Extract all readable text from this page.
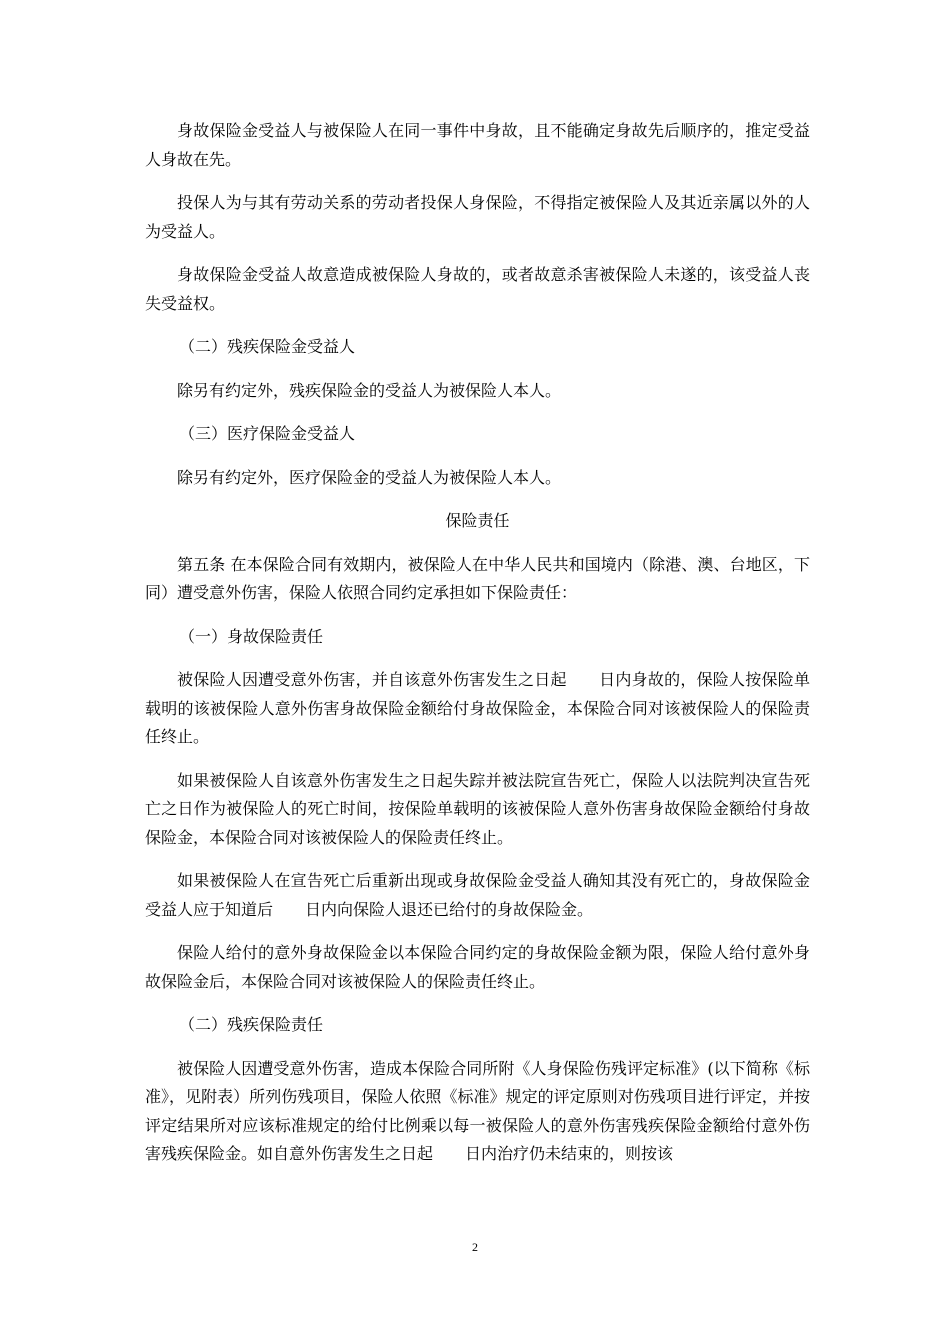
身故保险金受益人与被保险人在同一事件中身故，且不能确定身故先后顺序的，推定受益人身故在先。

投保人为与其有劳动关系的劳动者投保人身保险，不得指定被保险人及其近亲属以外的人为受益人。

身故保险金受益人故意造成被保险人身故的，或者故意杀害被保险人未遂的，该受益人丧失受益权。

（二）残疾保险金受益人

除另有约定外，残疾保险金的受益人为被保险人本人。

（三）医疗保险金受益人

除另有约定外，医疗保险金的受益人为被保险人本人。

保险责任

第五条 在本保险合同有效期内，被保险人在中华人民共和国境内（除港、澳、台地区，下同）遭受意外伤害，保险人依照合同约定承担如下保险责任：

（一）身故保险责任

被保险人因遭受意外伤害，并自该意外伤害发生之日起　　日内身故的，保险人按保险单载明的该被保险人意外伤害身故保险金额给付身故保险金，本保险合同对该被保险人的保险责任终止。

如果被保险人自该意外伤害发生之日起失踪并被法院宣告死亡，保险人以法院判决宣告死亡之日作为被保险人的死亡时间，按保险单载明的该被保险人意外伤害身故保险金额给付身故保险金，本保险合同对该被保险人的保险责任终止。

如果被保险人在宣告死亡后重新出现或身故保险金受益人确知其没有死亡的，身故保险金受益人应于知道后　　日内向保险人退还已给付的身故保险金。

保险人给付的意外身故保险金以本保险合同约定的身故保险金额为限，保险人给付意外身故保险金后，本保险合同对该被保险人的保险责任终止。

（二）残疾保险责任

被保险人因遭受意外伤害，造成本保险合同所附《人身保险伤残评定标准》(以下简称《标准》，见附表）所列伤残项目，保险人依照《标准》规定的评定原则对伤残项目进行评定，并按评定结果所对应该标准规定的给付比例乘以每一被保险人的意外伤害残疾保险金额给付意外伤害残疾保险金。如自意外伤害发生之日起　　日内治疗仍未结束的，则按该

2
